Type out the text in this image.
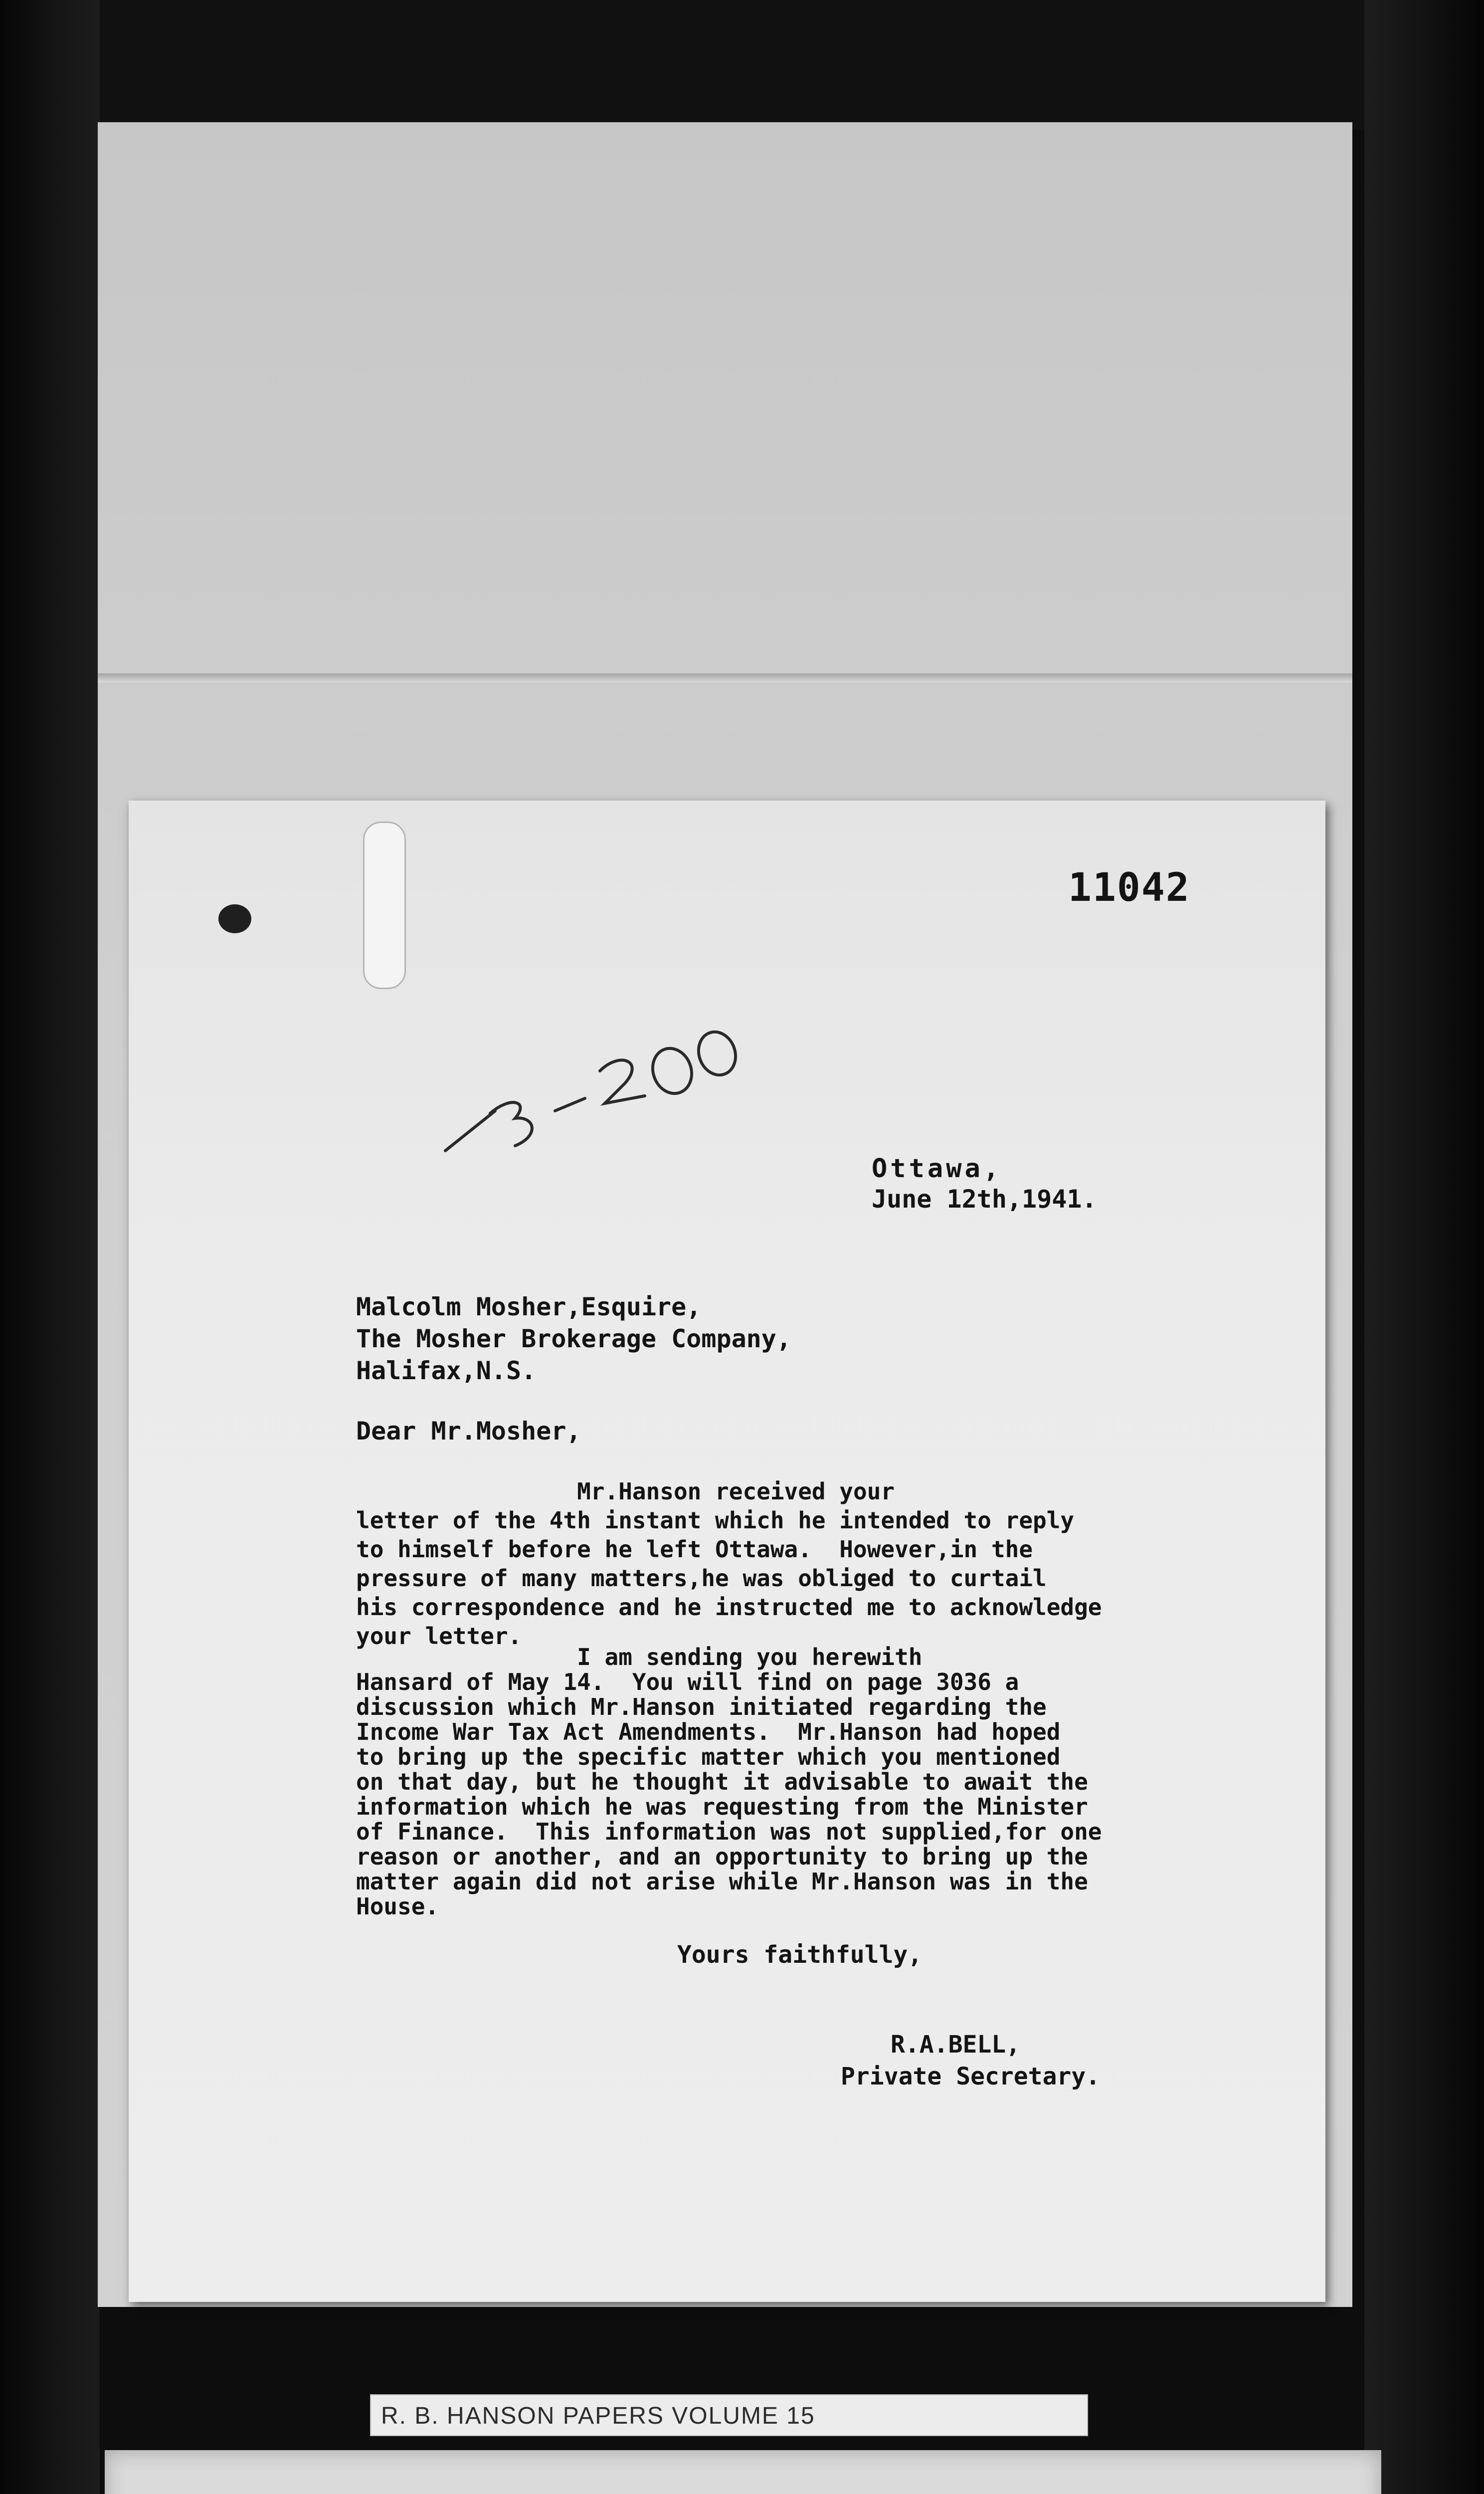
11042
Ottawa,
June 12th,1941.
Malcolm Mosher,Esquire,
The Mosher Brokerage Company,
Halifax,N.S.
Dear Mr.Mosher,
Mr.Hanson received your
letter of the 4th instant which he intended to reply
to himself before he left Ottawa.  However,in the
pressure of many matters,he was obliged to curtail
his correspondence and he instructed me to acknowledge
your letter.
I am sending you herewith
Hansard of May 14.  You will find on page 3036 a
discussion which Mr.Hanson initiated regarding the
Income War Tax Act Amendments.  Mr.Hanson had hoped
to bring up the specific matter which you mentioned
on that day, but he thought it advisable to await the
information which he was requesting from the Minister
of Finance.  This information was not supplied,for one
reason or another, and an opportunity to bring up the
matter again did not arise while Mr.Hanson was in the
House.
Yours faithfully,
R.A.BELL,
Private Secretary.
R. B. HANSON PAPERS VOLUME 15
